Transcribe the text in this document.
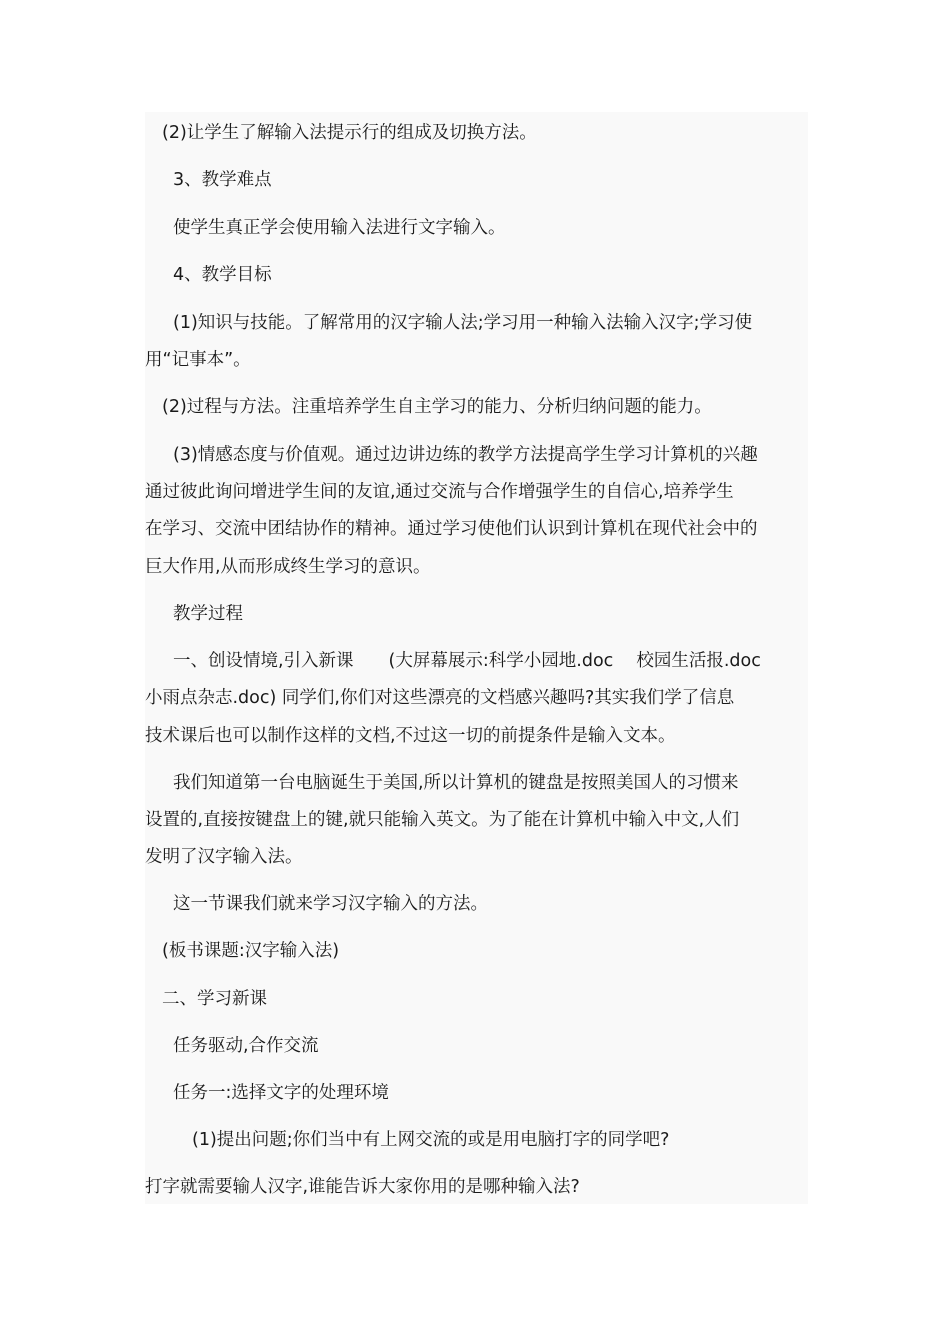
(2)让学生了解输入法提示行的组成及切换方法。
3、教学难点
使学生真正学会使用输入法进行文字输入。
4、教学目标
(1)知识与技能。了解常用的汉字输人法;学习用一种输入法输入汉字;学习使
用“记事本”。
(2)过程与方法。注重培养学生自主学习的能力、分析归纳问题的能力。
(3)情感态度与价值观。通过边讲边练的教学方法提高学生学习计算机的兴趣
通过彼此询问增进学生间的友谊,通过交流与合作增强学生的自信心,培养学生
在学习、交流中团结协作的精神。通过学习使他们认识到计算机在现代社会中的
巨大作用,从而形成终生学习的意识。
教学过程
一、创设情境,引入新课　　(大屏幕展示:科学小园地.doc　 校园生活报.doc
小雨点杂志.doc) 同学们,你们对这些漂亮的文档感兴趣吗?其实我们学了信息
技术课后也可以制作这样的文档,不过这一切的前提条件是输入文本。
我们知道第一台电脑诞生于美国,所以计算机的键盘是按照美国人的习惯来
设置的,直接按键盘上的键,就只能输入英文。为了能在计算机中输入中文,人们
发明了汉字输入法。
这一节课我们就来学习汉字输入的方法。
(板书课题:汉字输入法)
二、学习新课
任务驱动,合作交流
任务一:选择文字的处理环境
(1)提出问题;你们当中有上网交流的或是用电脑打字的同学吧?
打字就需要输人汉字,谁能告诉大家你用的是哪种输入法?
